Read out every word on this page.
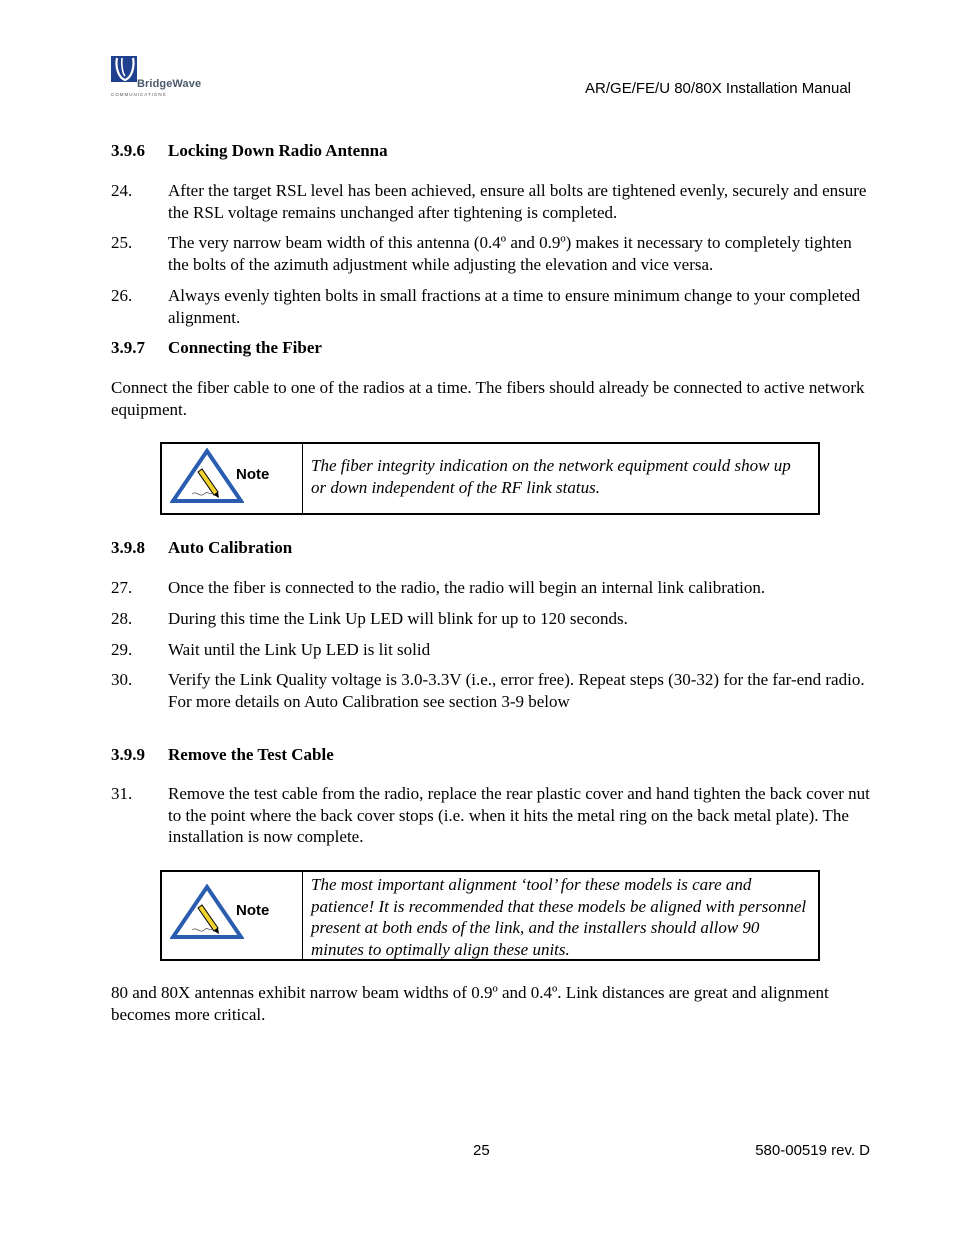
BridgeWave
COMMUNICATIONS	AR/GE/FE/U 80/80X Installation Manual
3.9.6 Locking Down Radio Antenna
24. After the target RSL level has been achieved, ensure all bolts are tightened evenly, securely and ensure the RSL voltage remains unchanged after tightening is completed.
25. The very narrow beam width of this antenna (0.4º and 0.9º) makes it necessary to completely tighten the bolts of the azimuth adjustment while adjusting the elevation and vice versa.
26. Always evenly tighten bolts in small fractions at a time to ensure minimum change to your completed alignment.
3.9.7 Connecting the Fiber
Connect the fiber cable to one of the radios at a time. The fibers should already be connected to active network equipment.
Note	The fiber integrity indication on the network equipment could show up or down independent of the RF link status.
3.9.8 Auto Calibration
27. Once the fiber is connected to the radio, the radio will begin an internal link calibration.
28. During this time the Link Up LED will blink for up to 120 seconds.
29. Wait until the Link Up LED is lit solid
30. Verify the Link Quality voltage is 3.0-3.3V (i.e., error free). Repeat steps (30-32) for the far-end radio. For more details on Auto Calibration see section 3-9 below
3.9.9 Remove the Test Cable
31. Remove the test cable from the radio, replace the rear plastic cover and hand tighten the back cover nut to the point where the back cover stops (i.e. when it hits the metal ring on the back metal plate). The installation is now complete.
Note
The most important alignment ‘tool’ for these models is care and patience! It is recommended that these models be aligned with personnel present at both ends of the link, and the installers should allow 90 minutes to optimally align these units.
80 and 80X antennas exhibit narrow beam widths of 0.9º and 0.4º. Link distances are great and alignment becomes more critical.
25	580-00519 rev. D
